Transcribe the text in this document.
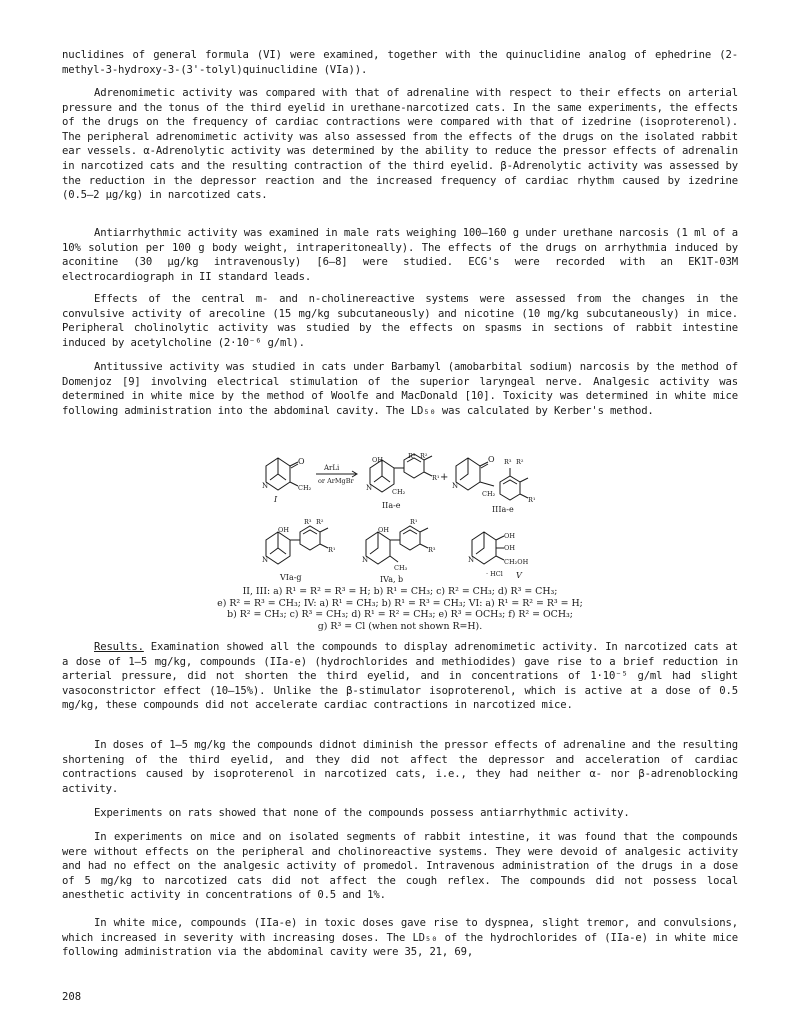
nuclidines of general formula (VI) were examined, together with the quinuclidine analog of ephedrine (2-methyl-3-hydroxy-3-(3'-tolyl)quinuclidine (VIa)).

Adrenomimetic activity was compared with that of adrenaline with respect to their effects on arterial pressure and the tonus of the third eyelid in urethane-narcotized cats. In the same experiments, the effects of the drugs on the frequency of cardiac contractions were compared with that of izedrine (isoproterenol). The peripheral adrenomimetic activity was also assessed from the effects of the drugs on the isolated rabbit ear vessels. α-Adrenolytic activity was determined by the ability to reduce the pressor effects of adrenalin in narcotized cats and the resulting contraction of the third eyelid. β-Adrenolytic activity was assessed by the reduction in the depressor reaction and the increased frequency of cardiac rhythm caused by izedrine (0.5–2 μg/kg) in narcotized cats.

Antiarrhythmic activity was examined in male rats weighing 100–160 g under urethane narcosis (1 ml of a 10% solution per 100 g body weight, intraperitoneally). The effects of the drugs on arrhythmia induced by aconitine (30 μg/kg intravenously) [6–8] were studied. ECG's were recorded with an EK1T-03M electrocardiograph in II standard leads.

Effects of the central m- and n-cholinereactive systems were assessed from the changes in the convulsive activity of arecoline (15 mg/kg subcutaneously) and nicotine (10 mg/kg subcutaneously) in mice. Peripheral cholinolytic activity was studied by the effects on spasms in sections of rabbit intestine induced by acetylcholine (2·10⁻⁶ g/ml).

Antitussive activity was studied in cats under Barbamyl (amobarbital sodium) narcosis by the method of Domenjoz [9] involving electrical stimulation of the superior laryngeal nerve. Analgesic activity was determined in white mice by the method of Woolfe and MacDonald [10]. Toxicity was determined in white mice following administration into the abdominal cavity. The LD₅₀ was calculated by Kerber's method.

O
CH₂
N
I
ArLi
or ArMgBr
OH
CH₂
N
R³ R²
R¹
IIa-e
+
O
CH₂
N
R³ R²
R¹
IIIa-e
OH
N
R³ R²
R¹
VIa-g
OH
N
CH₃
R¹
R³
IVa, b
OH
OH
CH₂OH
N
· HCl V
II, III: a) R¹ = R² = R³ = H; b) R¹ = CH₃; c) R² = CH₃; d) R³ = CH₃;
e) R² = R³ = CH₃; IV: a) R¹ = CH₃; b) R¹ = R³ = CH₃; VI: a) R¹ = R² = R³ = H;
b) R² = CH₃; c) R³ = CH₃; d) R¹ = R² = CH₃; e) R³ = OCH₃; f) R² = OCH₃;
g) R³ = Cl (when not shown R=H).

Results. Examination showed all the compounds to display adrenomimetic activity. In narcotized cats at a dose of 1–5 mg/kg, compounds (IIa-e) (hydrochlorides and methiodides) gave rise to a brief reduction in arterial pressure, did not shorten the third eyelid, and in concentrations of 1·10⁻⁵ g/ml had slight vasoconstrictor effect (10–15%). Unlike the β-stimulator isoproterenol, which is active at a dose of 0.5 mg/kg, these compounds did not accelerate cardiac contractions in narcotized mice.

In doses of 1–5 mg/kg the compounds didnot diminish the pressor effects of adrenaline and the resulting shortening of the third eyelid, and they did not affect the depressor and acceleration of cardiac contractions caused by isoproterenol in narcotized cats, i.e., they had neither α- nor β-adrenoblocking activity.

Experiments on rats showed that none of the compounds possess antiarrhythmic activity.

In experiments on mice and on isolated segments of rabbit intestine, it was found that the compounds were without effects on the peripheral and cholinoreactive systems. They were devoid of analgesic activity and had no effect on the analgesic activity of promedol. Intravenous administration of the drugs in a dose of 5 mg/kg to narcotized cats did not affect the cough reflex. The compounds did not possess local anesthetic activity in concentrations of 0.5 and 1%.

In white mice, compounds (IIa-e) in toxic doses gave rise to dyspnea, slight tremor, and convulsions, which increased in severity with increasing doses. The LD₅₀ of the hydrochlorides of (IIa-e) in white mice following administration via the abdominal cavity were 35, 21, 69,

208
